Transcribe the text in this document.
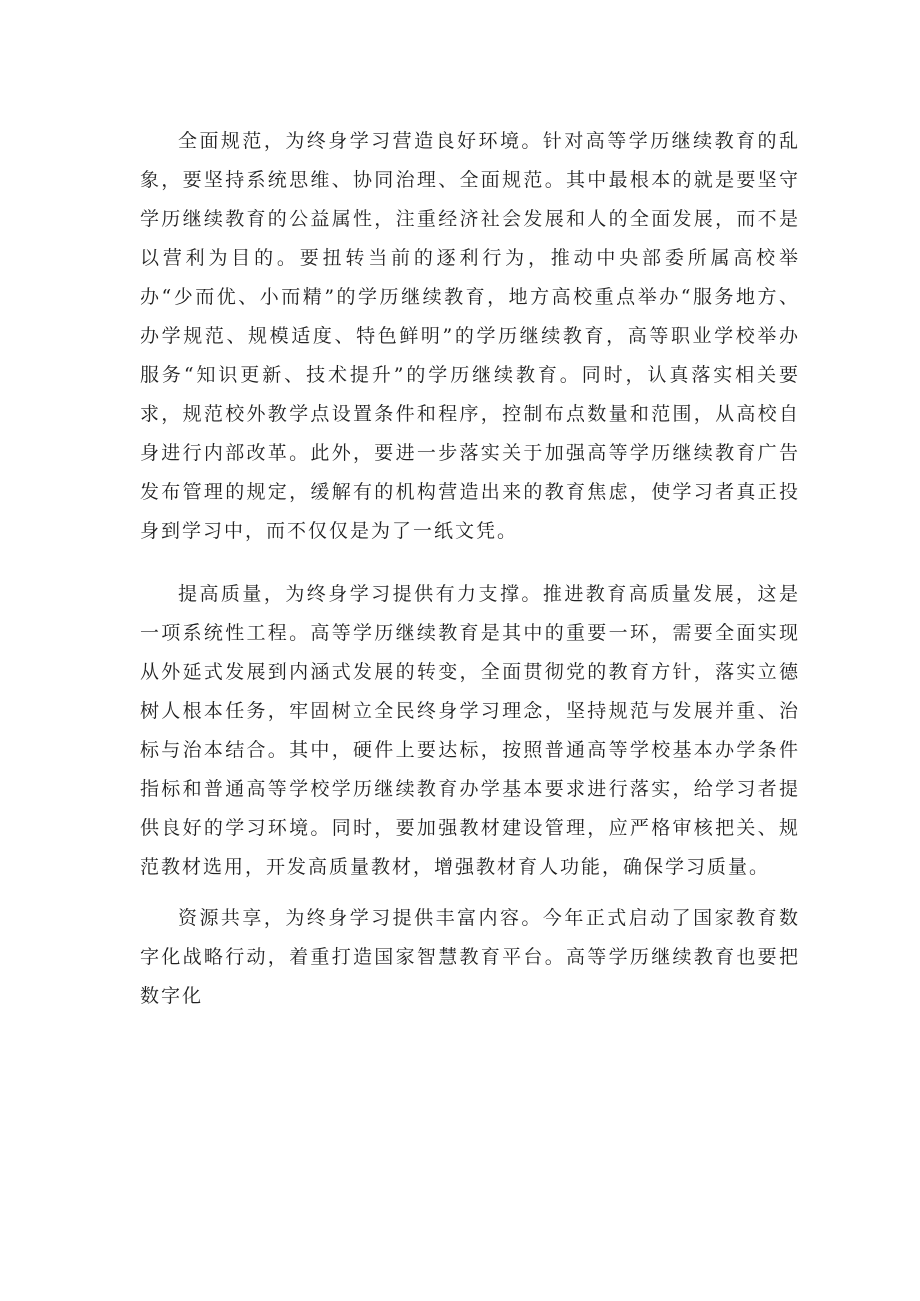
全面规范，为终身学习营造良好环境。针对高等学历继续教育的乱象，要坚持系统思维、协同治理、全面规范。其中最根本的就是要坚守学历继续教育的公益属性，注重经济社会发展和人的全面发展，而不是以营利为目的。要扭转当前的逐利行为，推动中央部委所属高校举办“少而优、小而精”的学历继续教育，地方高校重点举办“服务地方、办学规范、规模适度、特色鲜明”的学历继续教育，高等职业学校举办服务“知识更新、技术提升”的学历继续教育。同时，认真落实相关要求，规范校外教学点设置条件和程序，控制布点数量和范围，从高校自身进行内部改革。此外，要进一步落实关于加强高等学历继续教育广告发布管理的规定，缓解有的机构营造出来的教育焦虑，使学习者真正投身到学习中，而不仅仅是为了一纸文凭。

提高质量，为终身学习提供有力支撑。推进教育高质量发展，这是一项系统性工程。高等学历继续教育是其中的重要一环，需要全面实现从外延式发展到内涵式发展的转变，全面贯彻党的教育方针，落实立德树人根本任务，牢固树立全民终身学习理念，坚持规范与发展并重、治标与治本结合。其中，硬件上要达标，按照普通高等学校基本办学条件指标和普通高等学校学历继续教育办学基本要求进行落实，给学习者提供良好的学习环境。同时，要加强教材建设管理，应严格审核把关、规范教材选用，开发高质量教材，增强教材育人功能，确保学习质量。

资源共享，为终身学习提供丰富内容。今年正式启动了国家教育数字化战略行动，着重打造国家智慧教育平台。高等学历继续教育也要把数字化
